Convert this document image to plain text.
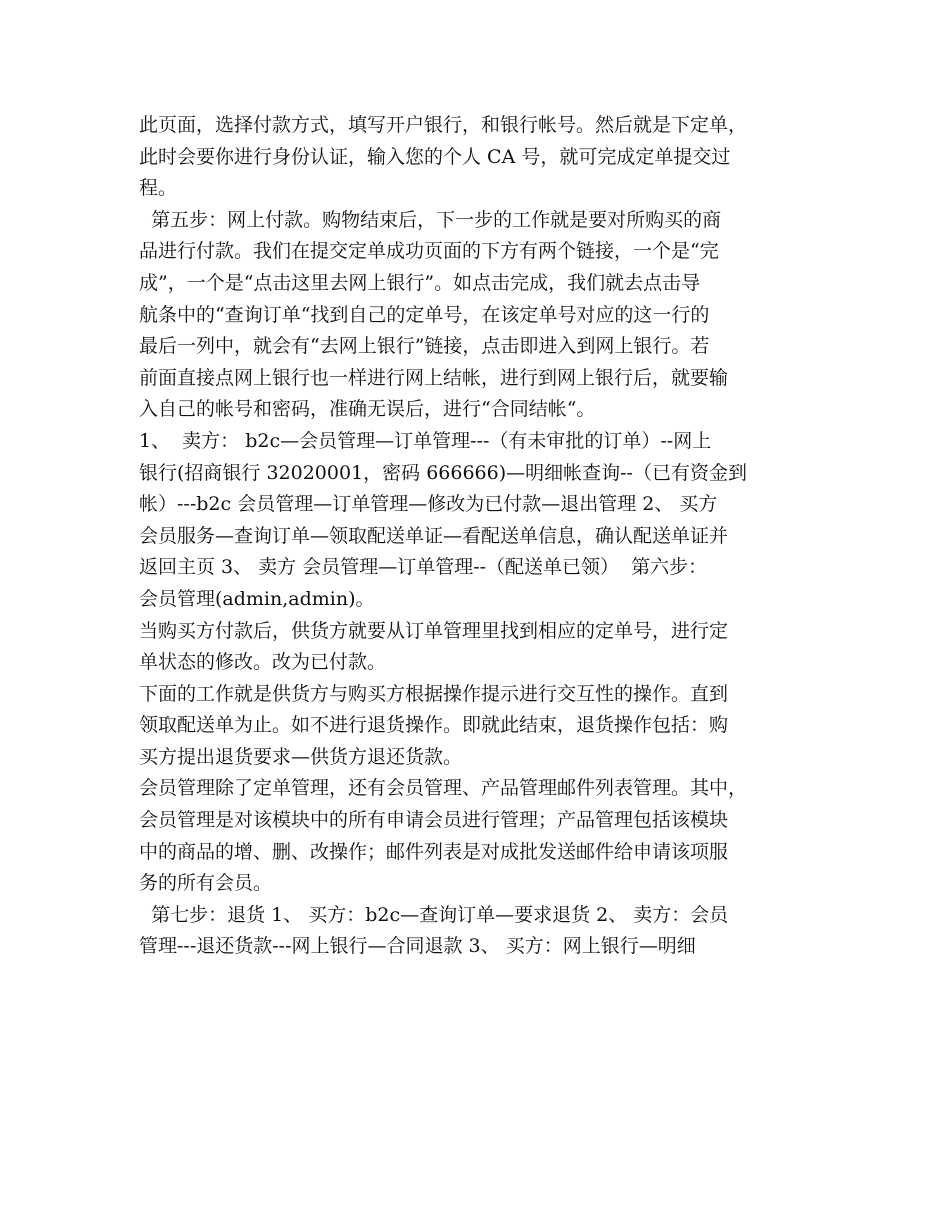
此页面，选择付款方式，填写开户银行，和银行帐号。然后就是下定单，

此时会要你进行身份认证，输入您的个人 CA 号，就可完成定单提交过

程。

第五步：网上付款。购物结束后，下一步的工作就是要对所购买的商

品进行付款。我们在提交定单成功页面的下方有两个链接，一个是“完

成”，一个是“点击这里去网上银行”。如点击完成，我们就去点击导

航条中的“查询订单“找到自己的定单号，在该定单号对应的这一行的

最后一列中，就会有“去网上银行”链接，点击即进入到网上银行。若

前面直接点网上银行也一样进行网上结帐，进行到网上银行后，就要输

入自己的帐号和密码，准确无误后，进行“合同结帐“。

1、  卖方： b2c—会员管理—订单管理---（有未审批的订单）--网上

银行(招商银行 32020001，密码 666666)—明细帐查询--（已有资金到

帐）---b2c 会员管理—订单管理—修改为已付款—退出管理 2、 买方

会员服务—查询订单—领取配送单证—看配送单信息，确认配送单证并

返回主页 3、 卖方 会员管理—订单管理--（配送单已领）  第六步：

会员管理(admin,admin)。

当购买方付款后，供货方就要从订单管理里找到相应的定单号，进行定

单状态的修改。改为已付款。

下面的工作就是供货方与购买方根据操作提示进行交互性的操作。直到

领取配送单为止。如不进行退货操作。即就此结束，退货操作包括：购

买方提出退货要求—供货方退还货款。

会员管理除了定单管理，还有会员管理、产品管理邮件列表管理。其中，

会员管理是对该模块中的所有申请会员进行管理；产品管理包括该模块

中的商品的增、删、改操作；邮件列表是对成批发送邮件给申请该项服

务的所有会员。

第七步：退货 1、 买方：b2c—查询订单—要求退货 2、 卖方：会员

管理---退还货款---网上银行—合同退款 3、 买方：网上银行—明细
